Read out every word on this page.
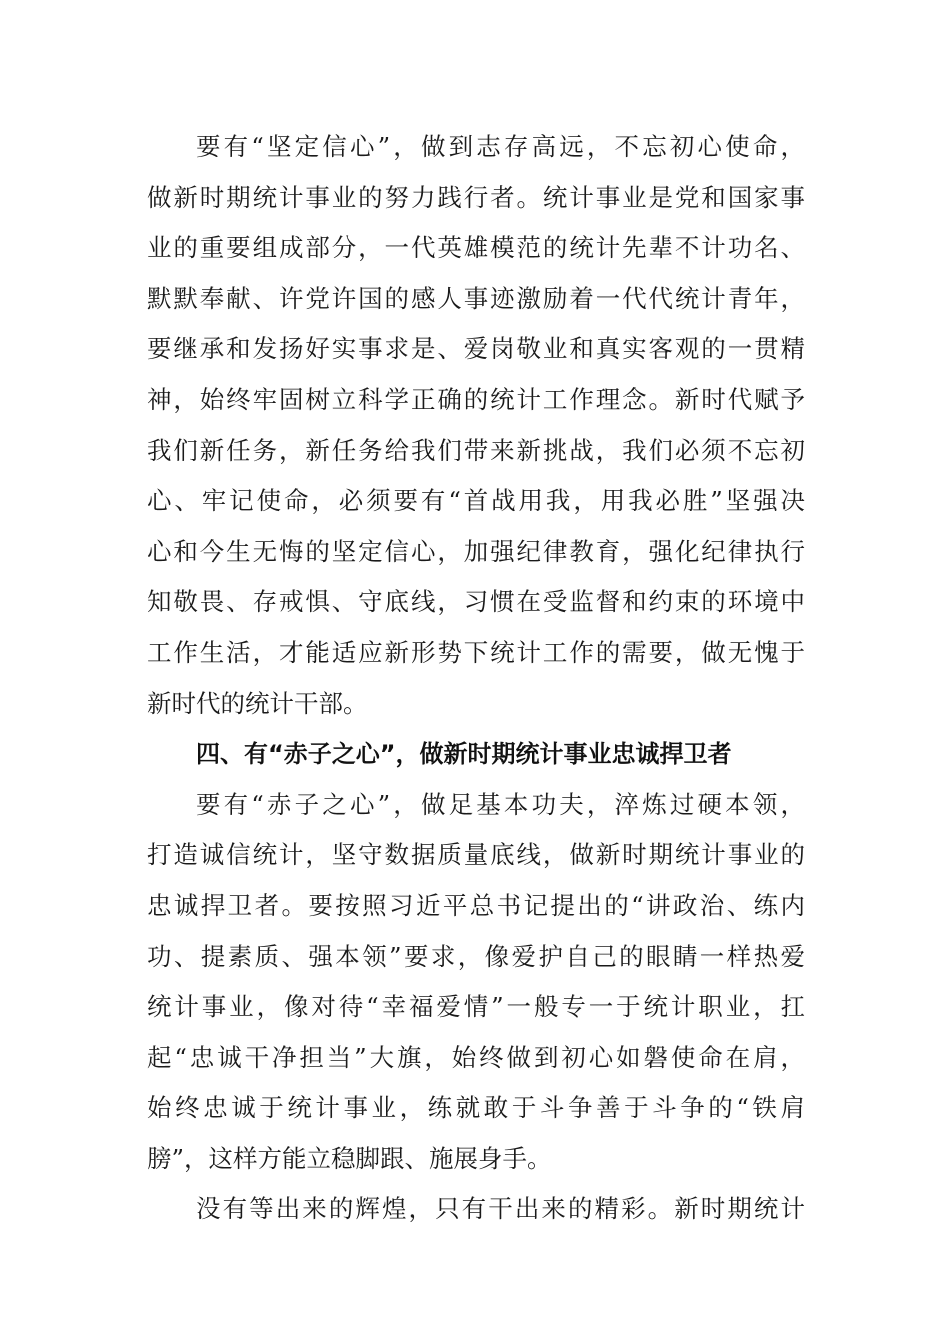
要有“坚定信心”，做到志存高远，不忘初心使命，
做新时期统计事业的努力践行者。统计事业是党和国家事
业的重要组成部分，一代英雄模范的统计先辈不计功名、
默默奉献、许党许国的感人事迹激励着一代代统计青年，
要继承和发扬好实事求是、爱岗敬业和真实客观的一贯精
神，始终牢固树立科学正确的统计工作理念。新时代赋予
我们新任务，新任务给我们带来新挑战，我们必须不忘初
心、牢记使命，必须要有“首战用我，用我必胜”坚强决
心和今生无悔的坚定信心，加强纪律教育，强化纪律执行
知敬畏、存戒惧、守底线，习惯在受监督和约束的环境中
工作生活，才能适应新形势下统计工作的需要，做无愧于
新时代的统计干部。
四、有“赤子之心”，做新时期统计事业忠诚捍卫者
要有“赤子之心”，做足基本功夫，淬炼过硬本领，
打造诚信统计，坚守数据质量底线，做新时期统计事业的
忠诚捍卫者。要按照习近平总书记提出的“讲政治、练内
功、提素质、强本领”要求，像爱护自己的眼睛一样热爱
统计事业，像对待“幸福爱情”一般专一于统计职业，扛
起“忠诚干净担当”大旗，始终做到初心如磐使命在肩，
始终忠诚于统计事业，练就敢于斗争善于斗争的“铁肩
膀”，这样方能立稳脚跟、施展身手。
没有等出来的辉煌，只有干出来的精彩。新时期统计
